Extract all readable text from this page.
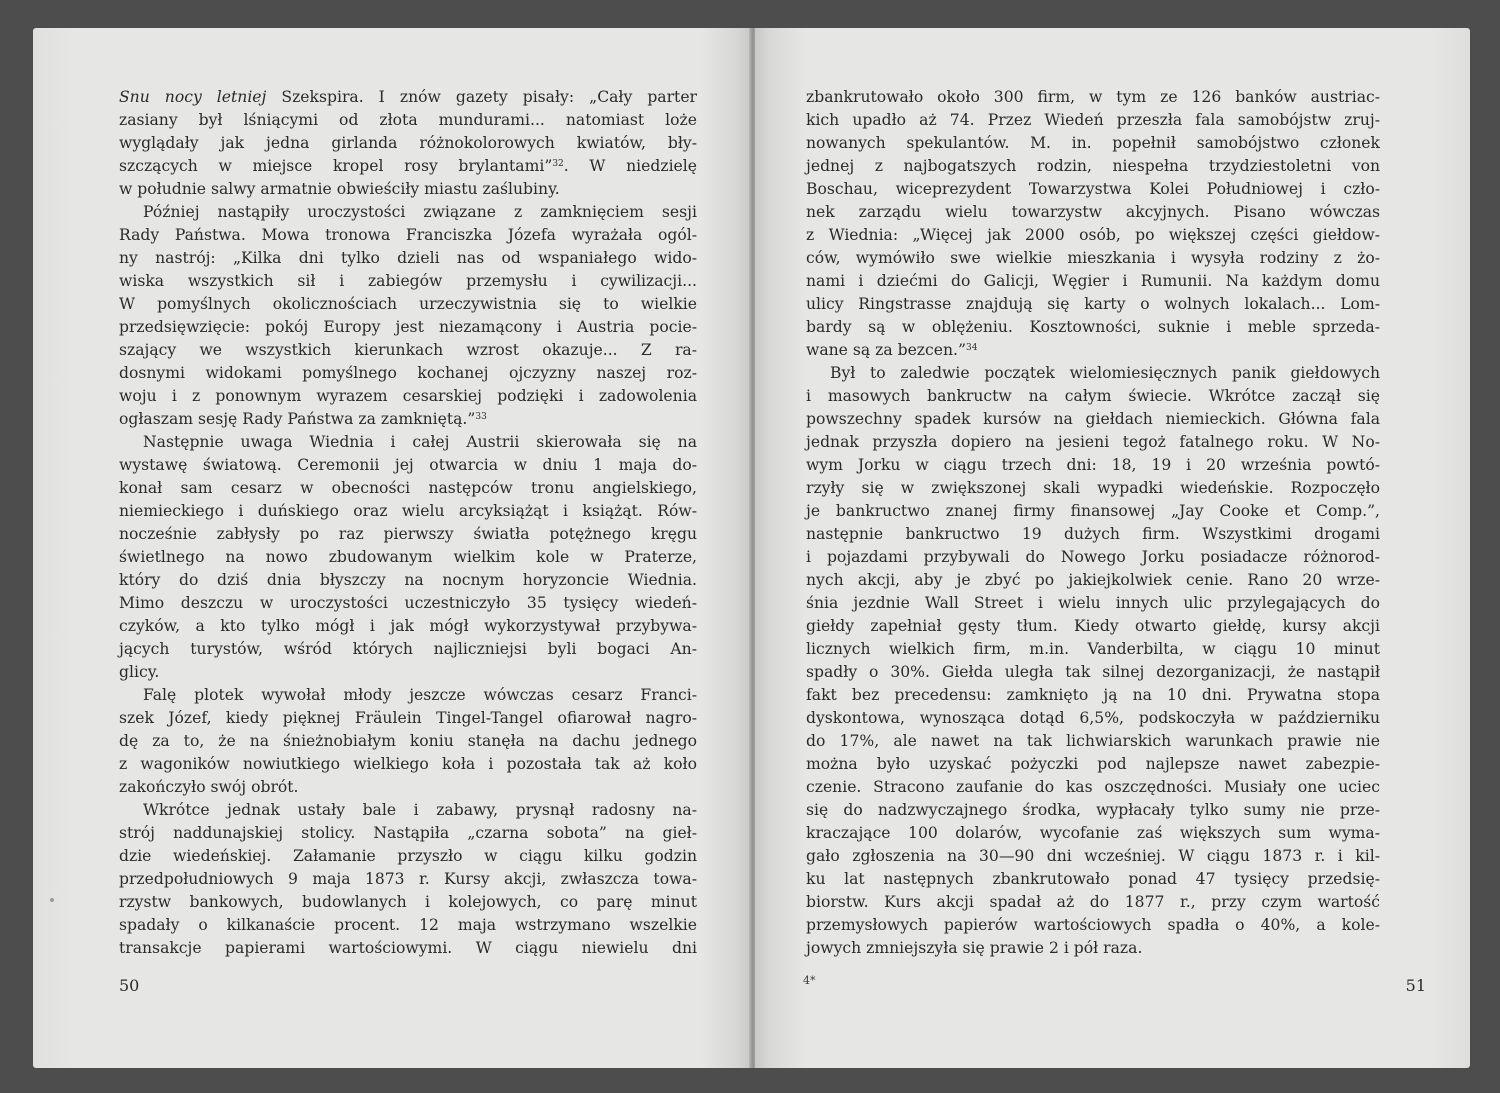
Snu nocy letniej Szekspira. I znów gazety pisały: „Cały parter
zasiany był lśniącymi od złota mundurami... natomiast loże
wyglądały jak jedna girlanda różnokolorowych kwiatów, bły-
szczących w miejsce kropel rosy brylantami”$^{32}$. W niedzielę
w południe salwy armatnie obwieściły miastu zaślubiny.
Później nastąpiły uroczystości związane z zamknięciem sesji
Rady Państwa. Mowa tronowa Franciszka Józefa wyrażała ogól-
ny nastrój: „Kilka dni tylko dzieli nas od wspaniałego wido-
wiska wszystkich sił i zabiegów przemysłu i cywilizacji...
W pomyślnych okolicznościach urzeczywistnia się to wielkie
przedsięwzięcie: pokój Europy jest niezamącony i Austria pocie-
szający we wszystkich kierunkach wzrost okazuje... Z ra-
dosnymi widokami pomyślnego kochanej ojczyzny naszej roz-
woju i z ponownym wyrazem cesarskiej podzięki i zadowolenia
ogłaszam sesję Rady Państwa za zamkniętą.”$^{33}$
Następnie uwaga Wiednia i całej Austrii skierowała się na
wystawę światową. Ceremonii jej otwarcia w dniu 1 maja do-
konał sam cesarz w obecności następców tronu angielskiego,
niemieckiego i duńskiego oraz wielu arcyksiążąt i książąt. Rów-
nocześnie zabłysły po raz pierwszy światła potężnego kręgu
świetlnego na nowo zbudowanym wielkim kole w Praterze,
który do dziś dnia błyszczy na nocnym horyzoncie Wiednia.
Mimo deszczu w uroczystości uczestniczyło 35 tysięcy wiedeń-
czyków, a kto tylko mógł i jak mógł wykorzystywał przybywa-
jących turystów, wśród których najliczniejsi byli bogaci An-
glicy.
Falę plotek wywołał młody jeszcze wówczas cesarz Franci-
szek Józef, kiedy pięknej Fräulein Tingel-Tangel ofiarował nagro-
dę za to, że na śnieżnobiałym koniu stanęła na dachu jednego
z wagoników nowiutkiego wielkiego koła i pozostała tak aż koło
zakończyło swój obrót.
Wkrótce jednak ustały bale i zabawy, prysnął radosny na-
strój naddunajskiej stolicy. Nastąpiła „czarna sobota” na gieł-
dzie wiedeńskiej. Załamanie przyszło w ciągu kilku godzin
przedpołudniowych 9 maja 1873 r. Kursy akcji, zwłaszcza towa-
rzystw bankowych, budowlanych i kolejowych, co parę minut
spadały o kilkanaście procent. 12 maja wstrzymano wszelkie
transakcje papierami wartościowymi. W ciągu niewielu dni
50
zbankrutowało około 300 firm, w tym ze 126 banków austriac-
kich upadło aż 74. Przez Wiedeń przeszła fala samobójstw zruj-
nowanych spekulantów. M. in. popełnił samobójstwo członek
jednej z najbogatszych rodzin, niespełna trzydziestoletni von
Boschau, wiceprezydent Towarzystwa Kolei Południowej i czło-
nek zarządu wielu towarzystw akcyjnych. Pisano wówczas
z Wiednia: „Więcej jak 2000 osób, po większej części giełdow-
ców, wymówiło swe wielkie mieszkania i wysyła rodziny z żo-
nami i dziećmi do Galicji, Węgier i Rumunii. Na każdym domu
ulicy Ringstrasse znajdują się karty o wolnych lokalach... Lom-
bardy są w oblężeniu. Kosztowności, suknie i meble sprzeda-
wane są za bezcen.”$^{34}$
Był to zaledwie początek wielomiesięcznych panik giełdowych
i masowych bankructw na całym świecie. Wkrótce zaczął się
powszechny spadek kursów na giełdach niemieckich. Główna fala
jednak przyszła dopiero na jesieni tegoż fatalnego roku. W No-
wym Jorku w ciągu trzech dni: 18, 19 i 20 września powtó-
rzyły się w zwiększonej skali wypadki wiedeńskie. Rozpoczęło
je bankructwo znanej firmy finansowej „Jay Cooke et Comp.”,
następnie bankructwo 19 dużych firm. Wszystkimi drogami
i pojazdami przybywali do Nowego Jorku posiadacze różnorod-
nych akcji, aby je zbyć po jakiejkolwiek cenie. Rano 20 wrze-
śnia jezdnie Wall Street i wielu innych ulic przylegających do
giełdy zapełniał gęsty tłum. Kiedy otwarto giełdę, kursy akcji
licznych wielkich firm, m.in. Vanderbilta, w ciągu 10 minut
spadły o 30%. Giełda uległa tak silnej dezorganizacji, że nastąpił
fakt bez precedensu: zamknięto ją na 10 dni. Prywatna stopa
dyskontowa, wynosząca dotąd 6,5%, podskoczyła w październiku
do 17%, ale nawet na tak lichwiarskich warunkach prawie nie
można było uzyskać pożyczki pod najlepsze nawet zabezpie-
czenie. Stracono zaufanie do kas oszczędności. Musiały one uciec
się do nadzwyczajnego środka, wypłacały tylko sumy nie prze-
kraczające 100 dolarów, wycofanie zaś większych sum wyma-
gało zgłoszenia na 30—90 dni wcześniej. W ciągu 1873 r. i kil-
ku lat następnych zbankrutowało ponad 47 tysięcy przedsię-
biorstw. Kurs akcji spadał aż do 1877 r., przy czym wartość
przemysłowych papierów wartościowych spadła o 40%, a kole-
jowych zmniejszyła się prawie 2 i pół raza.
4*	51
